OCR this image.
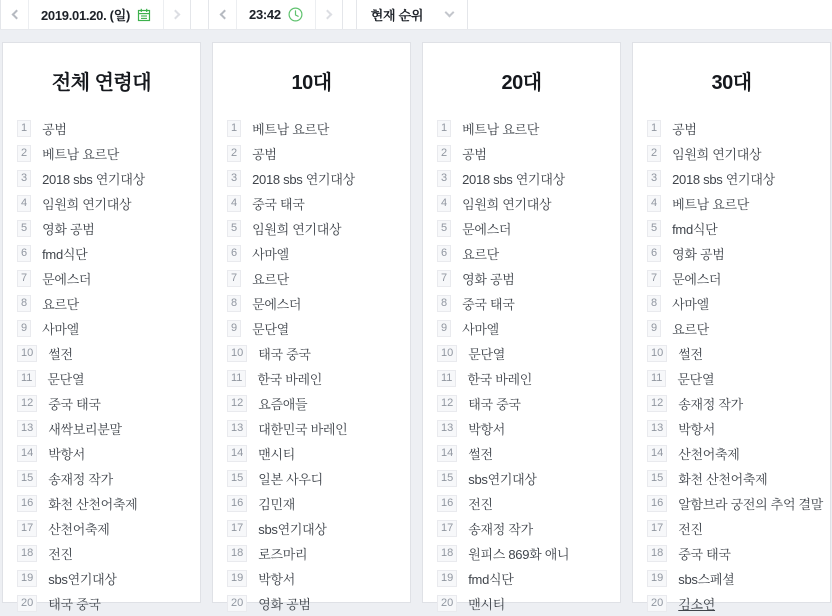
2019.01.20. (일)	23:42	현재 순위
전체 연령대
1	공범
2	베트남 요르단
3	2018 sbs 연기대상
4	임원희 연기대상
5	영화 공범
6	fmd식단
7	문에스더
8	요르단
9	사마엘
10	썰전
11	문단열
12	중국 태국
13	새싹보리분말
14	박항서
15	송재정 작가
16	화천 산천어축제
17	산천어축제
18	전진
19	sbs연기대상
20	태국 중국
10대
1	베트남 요르단
2	공범
3	2018 sbs 연기대상
4	중국 태국
5	임원희 연기대상
6	사마엘
7	요르단
8	문에스더
9	문단열
10	태국 중국
11	한국 바레인
12	요즘애들
13	대한민국 바레인
14	맨시티
15	일본 사우디
16	김민재
17	sbs연기대상
18	로즈마리
19	박항서
20	영화 공범
20대
1	베트남 요르단
2	공범
3	2018 sbs 연기대상
4	임원희 연기대상
5	문에스더
6	요르단
7	영화 공범
8	중국 태국
9	사마엘
10	문단열
11	한국 바레인
12	태국 중국
13	박항서
14	썰전
15	sbs연기대상
16	전진
17	송재정 작가
18	원피스 869화 애니
19	fmd식단
20	맨시티
30대
1	공범
2	임원희 연기대상
3	2018 sbs 연기대상
4	베트남 요르단
5	fmd식단
6	영화 공범
7	문에스더
8	사마엘
9	요르단
10	썰전
11	문단열
12	송재정 작가
13	박항서
14	산천어축제
15	화천 산천어축제
16	알함브라 궁전의 추억 결말
17	전진
18	중국 태국
19	sbs스페셜
20	김소연
